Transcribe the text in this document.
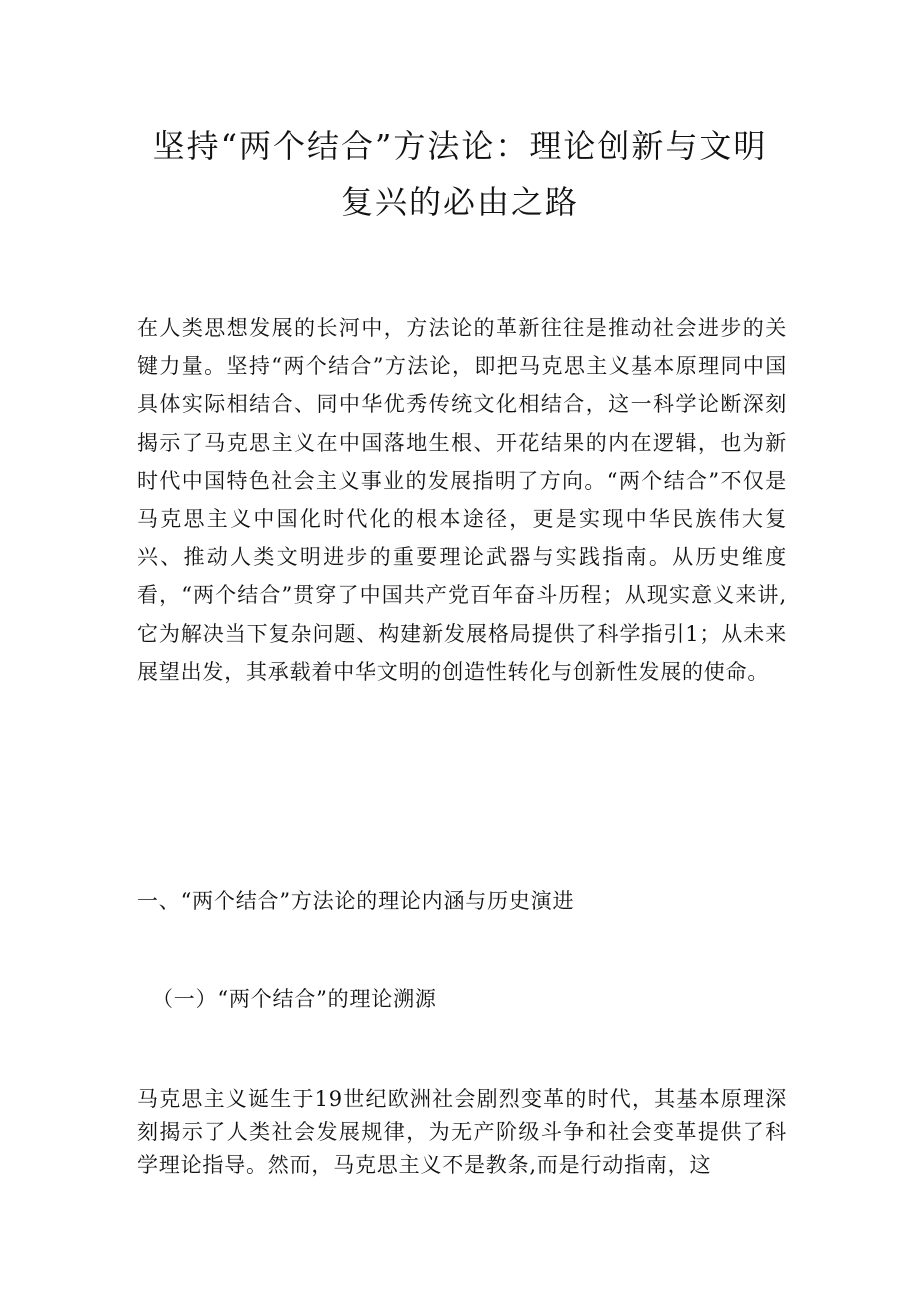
坚持“两个结合”方法论：理论创新与文明
复兴的必由之路

在人类思想发展的长河中，方法论的革新往往是推动社会进步的关键力量。坚持“两个结合”方法论，即把马克思主义基本原理同中国具体实际相结合、同中华优秀传统文化相结合，这一科学论断深刻揭示了马克思主义在中国落地生根、开花结果的内在逻辑，也为新时代中国特色社会主义事业的发展指明了方向。“两个结合”不仅是马克思主义中国化时代化的根本途径，更是实现中华民族伟大复兴、推动人类文明进步的重要理论武器与实践指南。从历史维度看，“两个结合”贯穿了中国共产党百年奋斗历程；从现实意义来讲,它为解决当下复杂问题、构建新发展格局提供了科学指引1；从未来展望出发，其承载着中华文明的创造性转化与创新性发展的使命。

一、“两个结合”方法论的理论内涵与历史演进
（一）“两个结合”的理论溯源

马克思主义诞生于19世纪欧洲社会剧烈变革的时代，其基本原理深刻揭示了人类社会发展规律，为无产阶级斗争和社会变革提供了科学理论指导。然而，马克思主义不是教条,而是行动指南，这
